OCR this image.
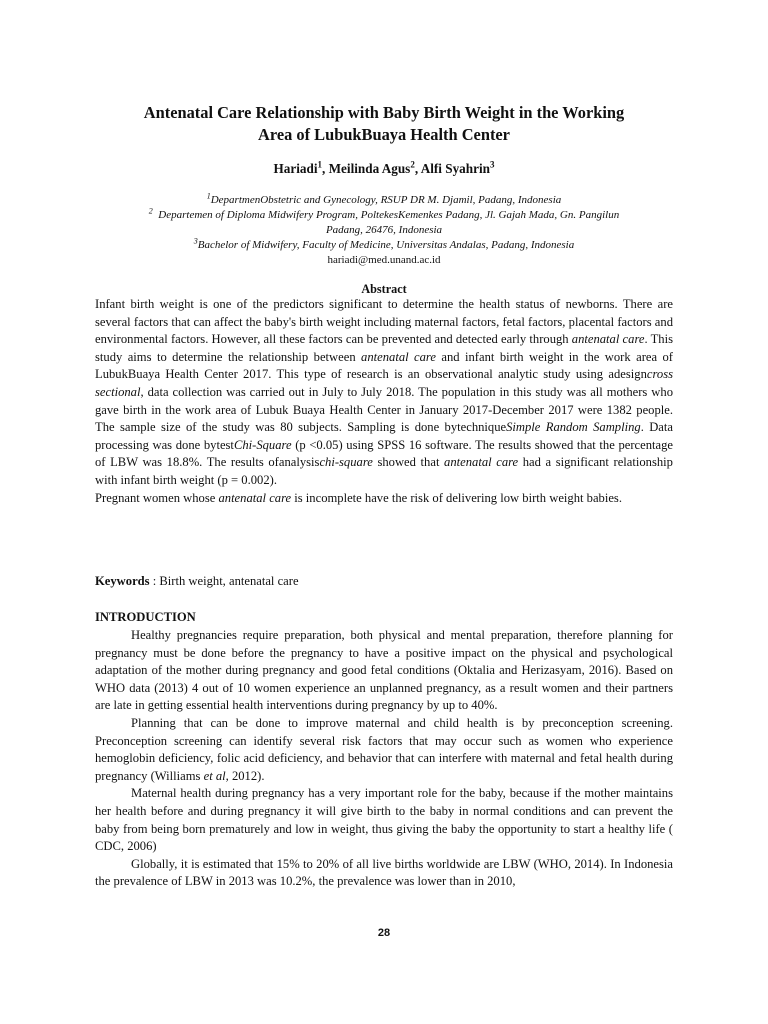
Antenatal Care Relationship with Baby Birth Weight in the Working
Area of LubukBuaya Health Center
Hariadi$^1$, Meilinda Agus$^2$, Alfi Syahrin$^3$
$^1$DepartmenObstetric and Gynecology, RSUP DR M. Djamil, Padang, Indonesia
$^2$ Departemen of Diploma Midwifery Program, PoltekesKemenkes Padang, Jl. Gajah Mada, Gn. Pangilun
Padang, 26476, Indonesia
$^3$Bachelor of Midwifery, Faculty of Medicine, Universitas Andalas, Padang, Indonesia
hariadi@med.unand.ac.id
Abstract

Infant birth weight is one of the predictors significant to determine the health status of newborns. There are several factors that can affect the baby's birth weight including maternal factors, fetal factors, placental factors and environmental factors. However, all these factors can be prevented and detected early through antenatal care. This study aims to determine the relationship between antenatal care and infant birth weight in the work area of LubukBuaya Health Center 2017. This type of research is an observational analytic study using adesigncross sectional, data collection was carried out in July to July 2018. The population in this study was all mothers who gave birth in the work area of Lubuk Buaya Health Center in January 2017-December 2017 were 1382 people. The sample size of the study was 80 subjects. Sampling is done bytechniqueSimple Random Sampling. Data processing was done bytestChi-Square (p <0.05) using SPSS 16 software. The results showed that the percentage of LBW was 18.8%. The results ofanalysischi-square showed that antenatal care had a significant relationship with infant birth weight (p = 0.002).

Pregnant women whose antenatal care is incomplete have the risk of delivering low birth weight babies.

Keywords : Birth weight, antenatal care
INTRODUCTION

Healthy pregnancies require preparation, both physical and mental preparation, therefore planning for pregnancy must be done before the pregnancy to have a positive impact on the physical and psychological adaptation of the mother during pregnancy and good fetal conditions (Oktalia and Herizasyam, 2016). Based on WHO data (2013) 4 out of 10 women experience an unplanned pregnancy, as a result women and their partners are late in getting essential health interventions during pregnancy by up to 40%.

Planning that can be done to improve maternal and child health is by preconception screening. Preconception screening can identify several risk factors that may occur such as women who experience hemoglobin deficiency, folic acid deficiency, and behavior that can interfere with maternal and fetal health during pregnancy (Williams et al, 2012).

Maternal health during pregnancy has a very important role for the baby, because if the mother maintains her health before and during pregnancy it will give birth to the baby in normal conditions and can prevent the baby from being born prematurely and low in weight, thus giving the baby the opportunity to start a healthy life ( CDC, 2006)

Globally, it is estimated that 15% to 20% of all live births worldwide are LBW (WHO, 2014). In Indonesia the prevalence of LBW in 2013 was 10.2%, the prevalence was lower than in 2010,

28
